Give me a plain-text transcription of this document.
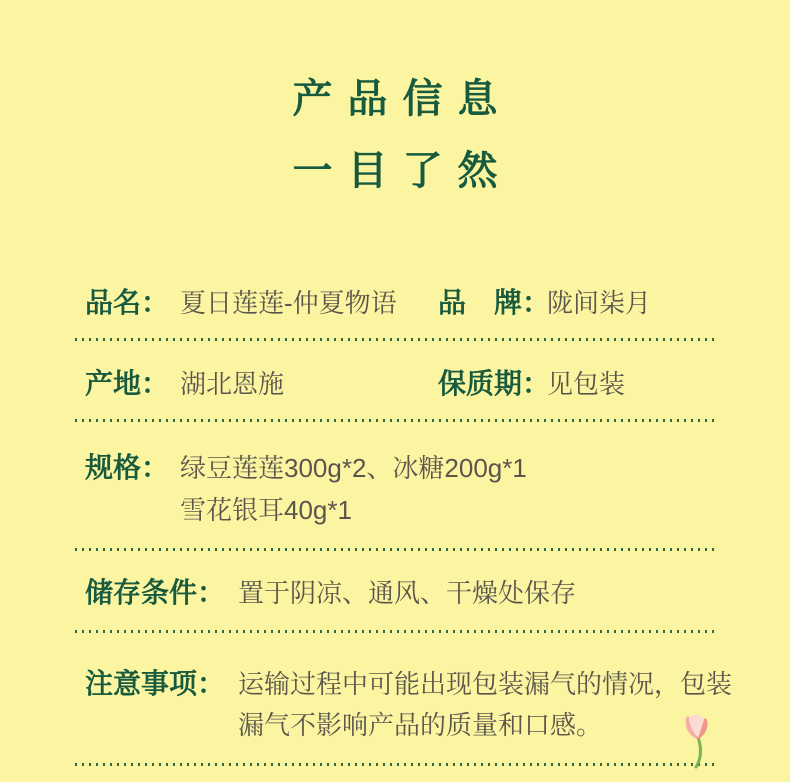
产品信息
一目了然
品名： 夏日莲莲-仲夏物语	品　牌：
陇间柒月
产地： 湖北恩施	保质期：
见包装
规格： 绿豆莲莲300g*2、冰糖200g*1
雪花银耳40g*1
储存条件： 置于阴凉、通风、干燥处保存
注意事项： 运输过程中可能出现包装漏气的情况，包装
漏气不影响产品的质量和口感。
